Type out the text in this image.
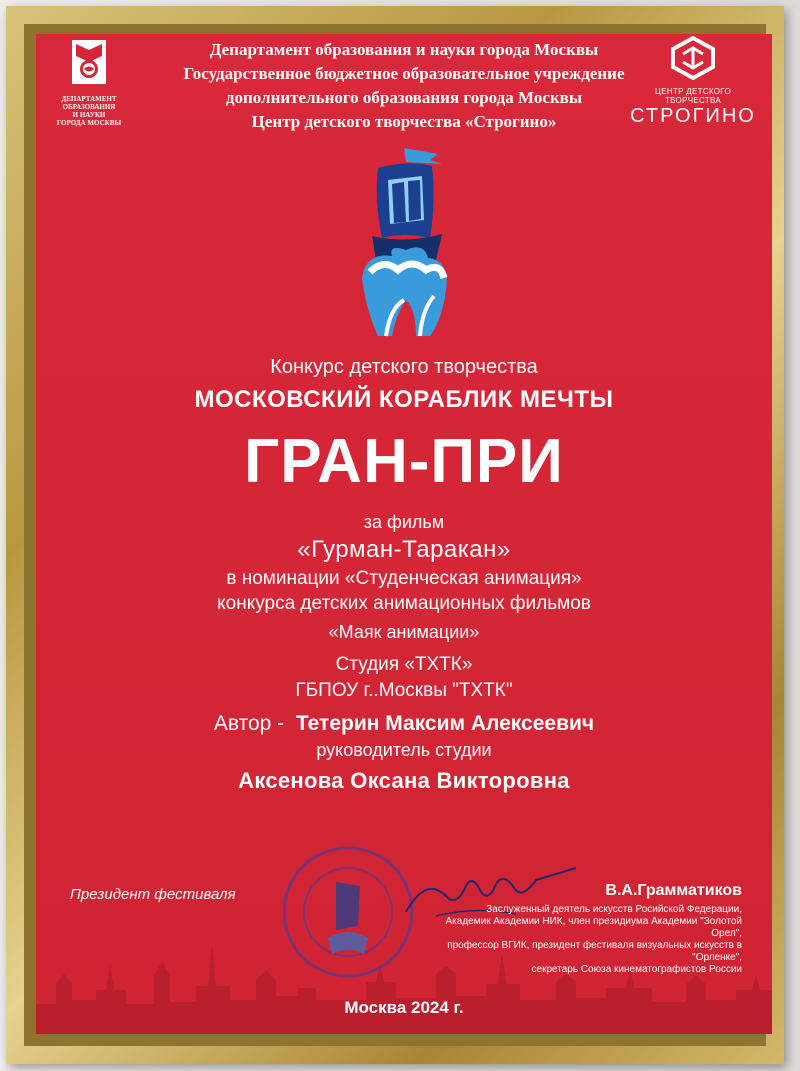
ДЕПАРТАМЕНТ
ОБРАЗОВАНИЯ
И НАУКИ
ГОРОДА МОСКВЫ
Департамент образования и науки города Москвы
Государственное бюджетное образовательное учреждение
дополнительного образования города Москвы
Центр детского творчества «Строгино»
ЦЕНТР ДЕТСКОГО ТВОРЧЕСТВА
СТРОГИНО
Конкурс детского творчества
МОСКОВСКИЙ КОРАБЛИК МЕЧТЫ
ГРАН-ПРИ
за фильм
«Гурман-Таракан»
в номинации «Студенческая анимация»
конкурса детских анимационных фильмов
«Маяк анимации»
Студия «ТХТК»
ГБПОУ г..Москвы "ТХТК"
Автор - Тетерин Максим Алексеевич
руководитель студии
Аксенова Оксана Викторовна
Президент фестиваля	В.А.Грамматиков
Заслуженный деятель искусств Росийской Федерации,
Академик Академии НИК, член президиума Академии "Золотой Орел",
профессор ВГИК, президент фестиваля визуальных искусств в "Орленке",
секретарь Союза кинематографистов России
Москва 2024 г.
